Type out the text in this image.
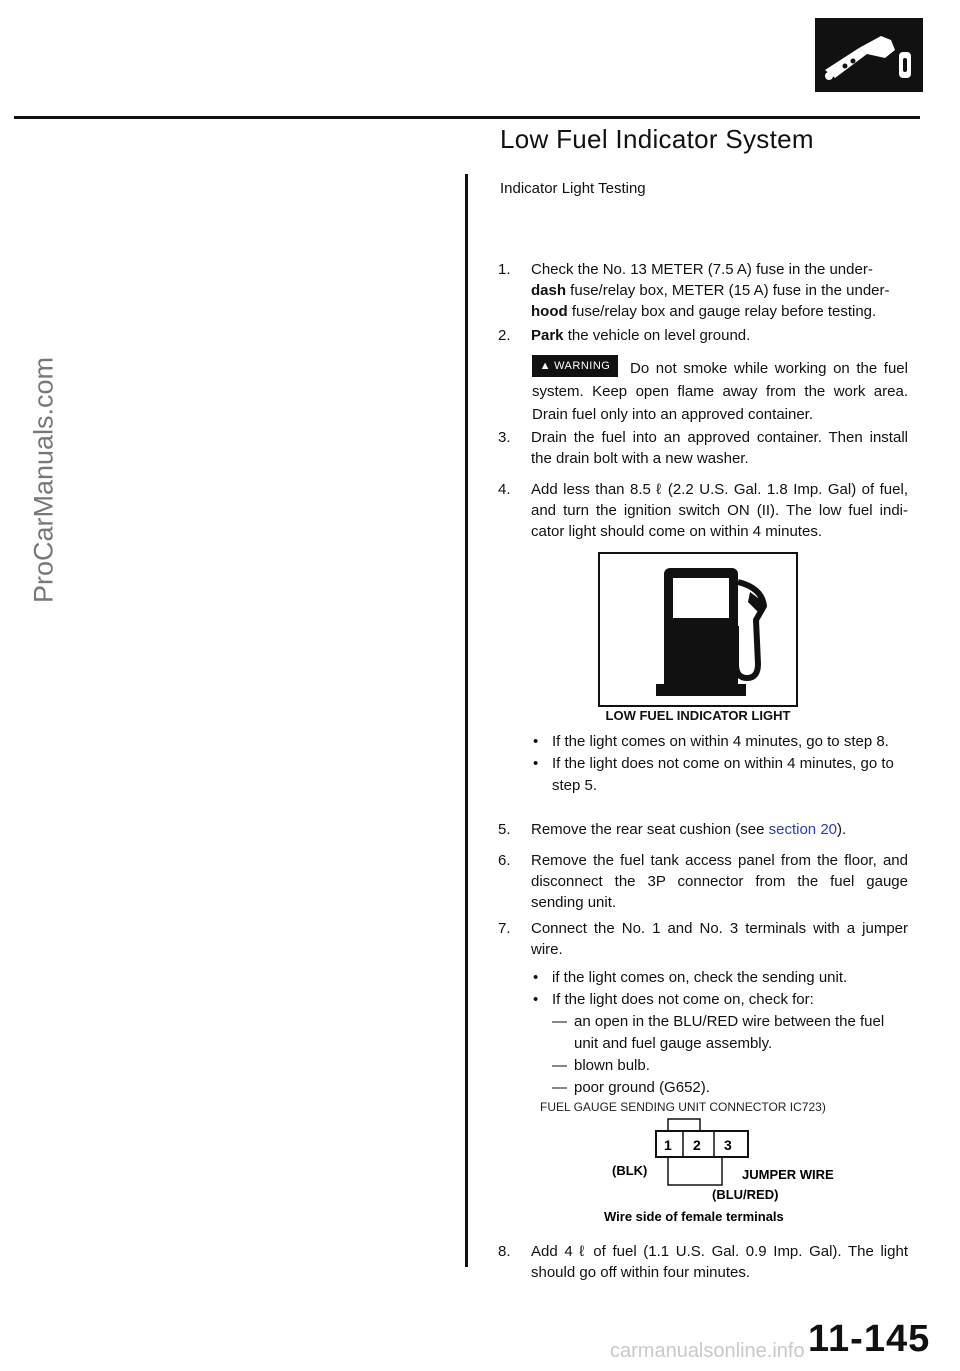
ProCarManuals.com
Low Fuel Indicator System
Indicator Light Testing
1.	Check the No. 13 METER (7.5 A) fuse in the under-
dash fuse/relay box, METER (15 A) fuse in the under-
hood fuse/relay box and gauge relay before testing.
2.	Park the vehicle on level ground.
▲ WARNING	Do not smoke while working on the fuel system. Keep open flame away from the work area. Drain fuel only into an approved container.

3.	Drain the fuel into an approved container. Then install the drain bolt with a new washer.
4.	Add less than 8.5 ℓ (2.2 U.S. Gal. 1.8 Imp. Gal) of fuel, and turn the ignition switch ON (II). The low fuel indi-cator light should come on within 4 minutes.
LOW FUEL INDICATOR LIGHT
• If the light comes on within 4 minutes, go to step 8.
• If the light does not come on within 4 minutes, go to step 5.
5.	Remove the rear seat cushion (see section 20).
6.	Remove the fuel tank access panel from the floor, and disconnect the 3P connector from the fuel gauge sending unit.
7.	Connect the No. 1 and No. 3 terminals with a jumper wire.
• if the light comes on, check the sending unit.
• If the light does not come on, check for:
— an open in the BLU/RED wire between the fuel unit and fuel gauge assembly.
— blown bulb.
— poor ground (G652).
FUEL GAUGE SENDING UNIT CONNECTOR IC723)
1 2 3
(BLK)	JUMPER WIRE
(BLU/RED)
Wire side of female terminals
8.	Add 4 ℓ of fuel (1.1 U.S. Gal. 0.9 Imp. Gal). The light should go off within four minutes.
11-145
carmanualsonline.info
